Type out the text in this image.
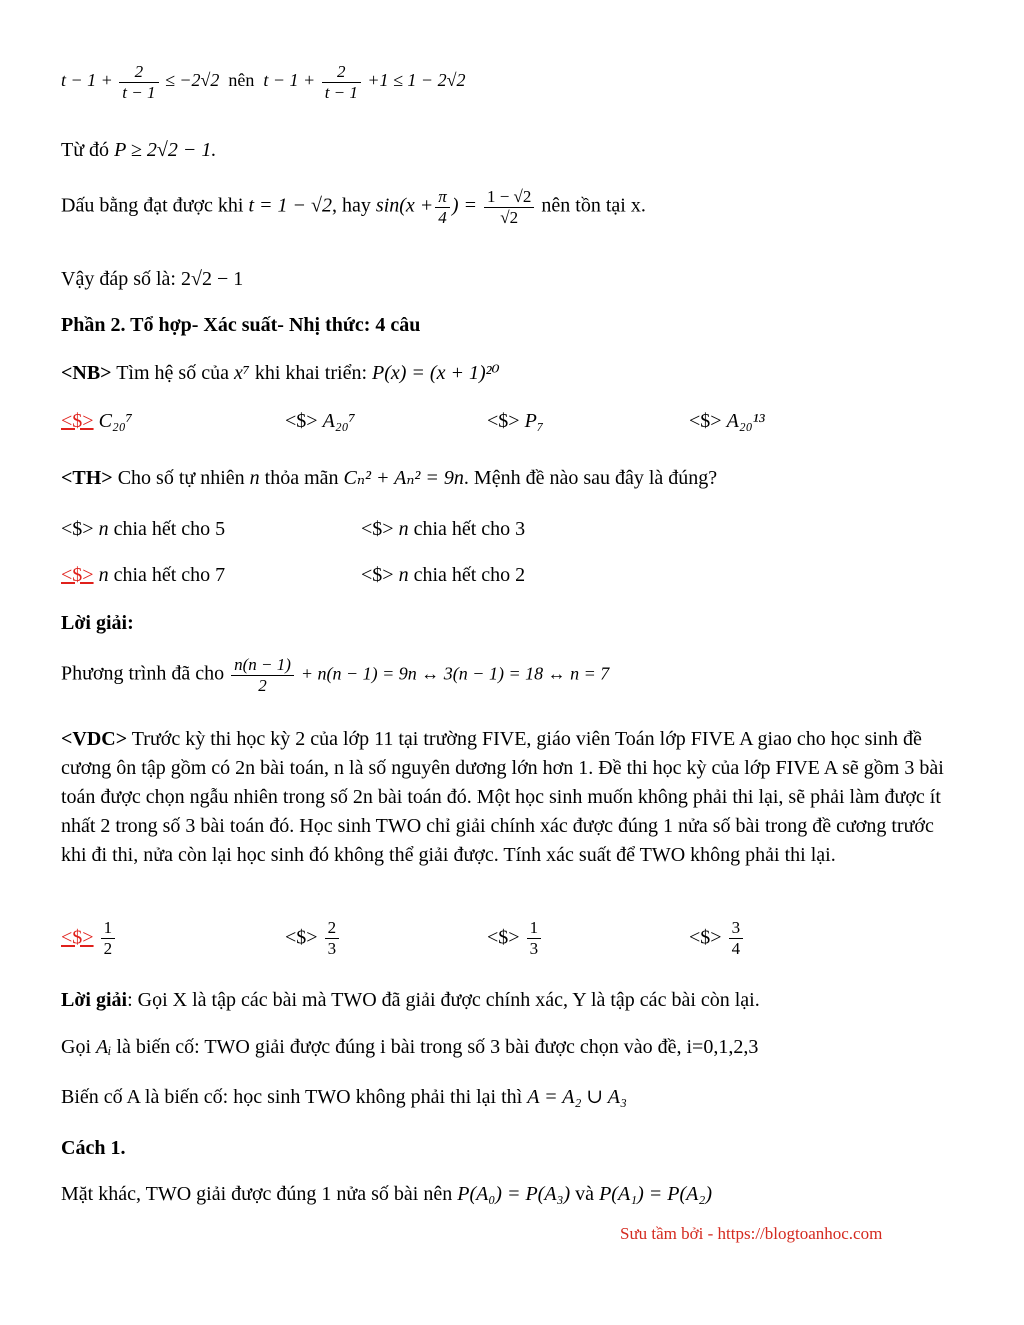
$t - 1 + \frac{2}{t - 1} \le -2√2$ nên $t - 1 + \frac{2}{t - 1} +1 \le 1 - 2√2$
Từ đó P ≥ 2√2 − 1.
Dấu bằng đạt được khi t = 1 − √2, hay $\sin(x + \frac{\pi}{4}$ ) = $\frac{1 - √2}{√2}$ nên tồn tại x.
Vậy đáp số là: 2√2 − 1
Phần 2. Tổ hợp- Xác suất- Nhị thức: 4 câu
<NB> Tìm hệ số của x⁷ khi khai triển: P(x) = (x + 1)²⁰
<$> C₂₀⁷	<$> A₂₀⁷	<$> P₇	<$> A₂₀¹³
<TH> Cho số tự nhiên n thỏa mãn Cₙ² + Aₙ² = 9n. Mệnh đề nào sau đây là đúng?
<$> n chia hết cho 5	<$> n chia hết cho 3
<$> n chia hết cho 7	<$> n chia hết cho 2
Lời giải:
Phương trình đã cho $\frac{n(n - 1)}{2} + n(n - 1) = 9n$ ↔ 3(n − 1) = 18 ↔ n = 7
<VDC> Trước kỳ thi học kỳ 2 của lớp 11 tại trường FIVE, giáo viên Toán lớp FIVE A giao cho học sinh đề cương ôn tập gồm có 2n bài toán, n là số nguyên dương lớn hơn 1. Đề thi học kỳ của lớp FIVE A sẽ gồm 3 bài toán được chọn ngẫu nhiên trong số 2n bài toán đó. Một học sinh muốn không phải thi lại, sẽ phải làm được ít nhất 2 trong số 3 bài toán đó. Học sinh TWO chỉ giải chính xác được đúng 1 nửa số bài trong đề cương trước khi đi thi, nửa còn lại học sinh đó không thể giải được. Tính xác suất để TWO không phải thi lại.
<$> $\frac{1}{2}$	<$> $\frac{2}{3}$	<$> $\frac{1}{3}$	<$> $\frac{3}{4}$
Lời giải: Gọi X là tập các bài mà TWO đã giải được chính xác, Y là tập các bài còn lại.
Gọi Aᵢ là biến cố: TWO giải được đúng i bài trong số 3 bài được chọn vào đề, i=0,1,2,3
Biến cố A là biến cố: học sinh TWO không phải thi lại thì A = A₂ ∪ A₃
Cách 1.
Mặt khác, TWO giải được đúng 1 nửa số bài nên P(A₀) = P(A₃) và P(A₁) = P(A₂)
Sưu tầm bởi - https://blogtoanhoc.com
